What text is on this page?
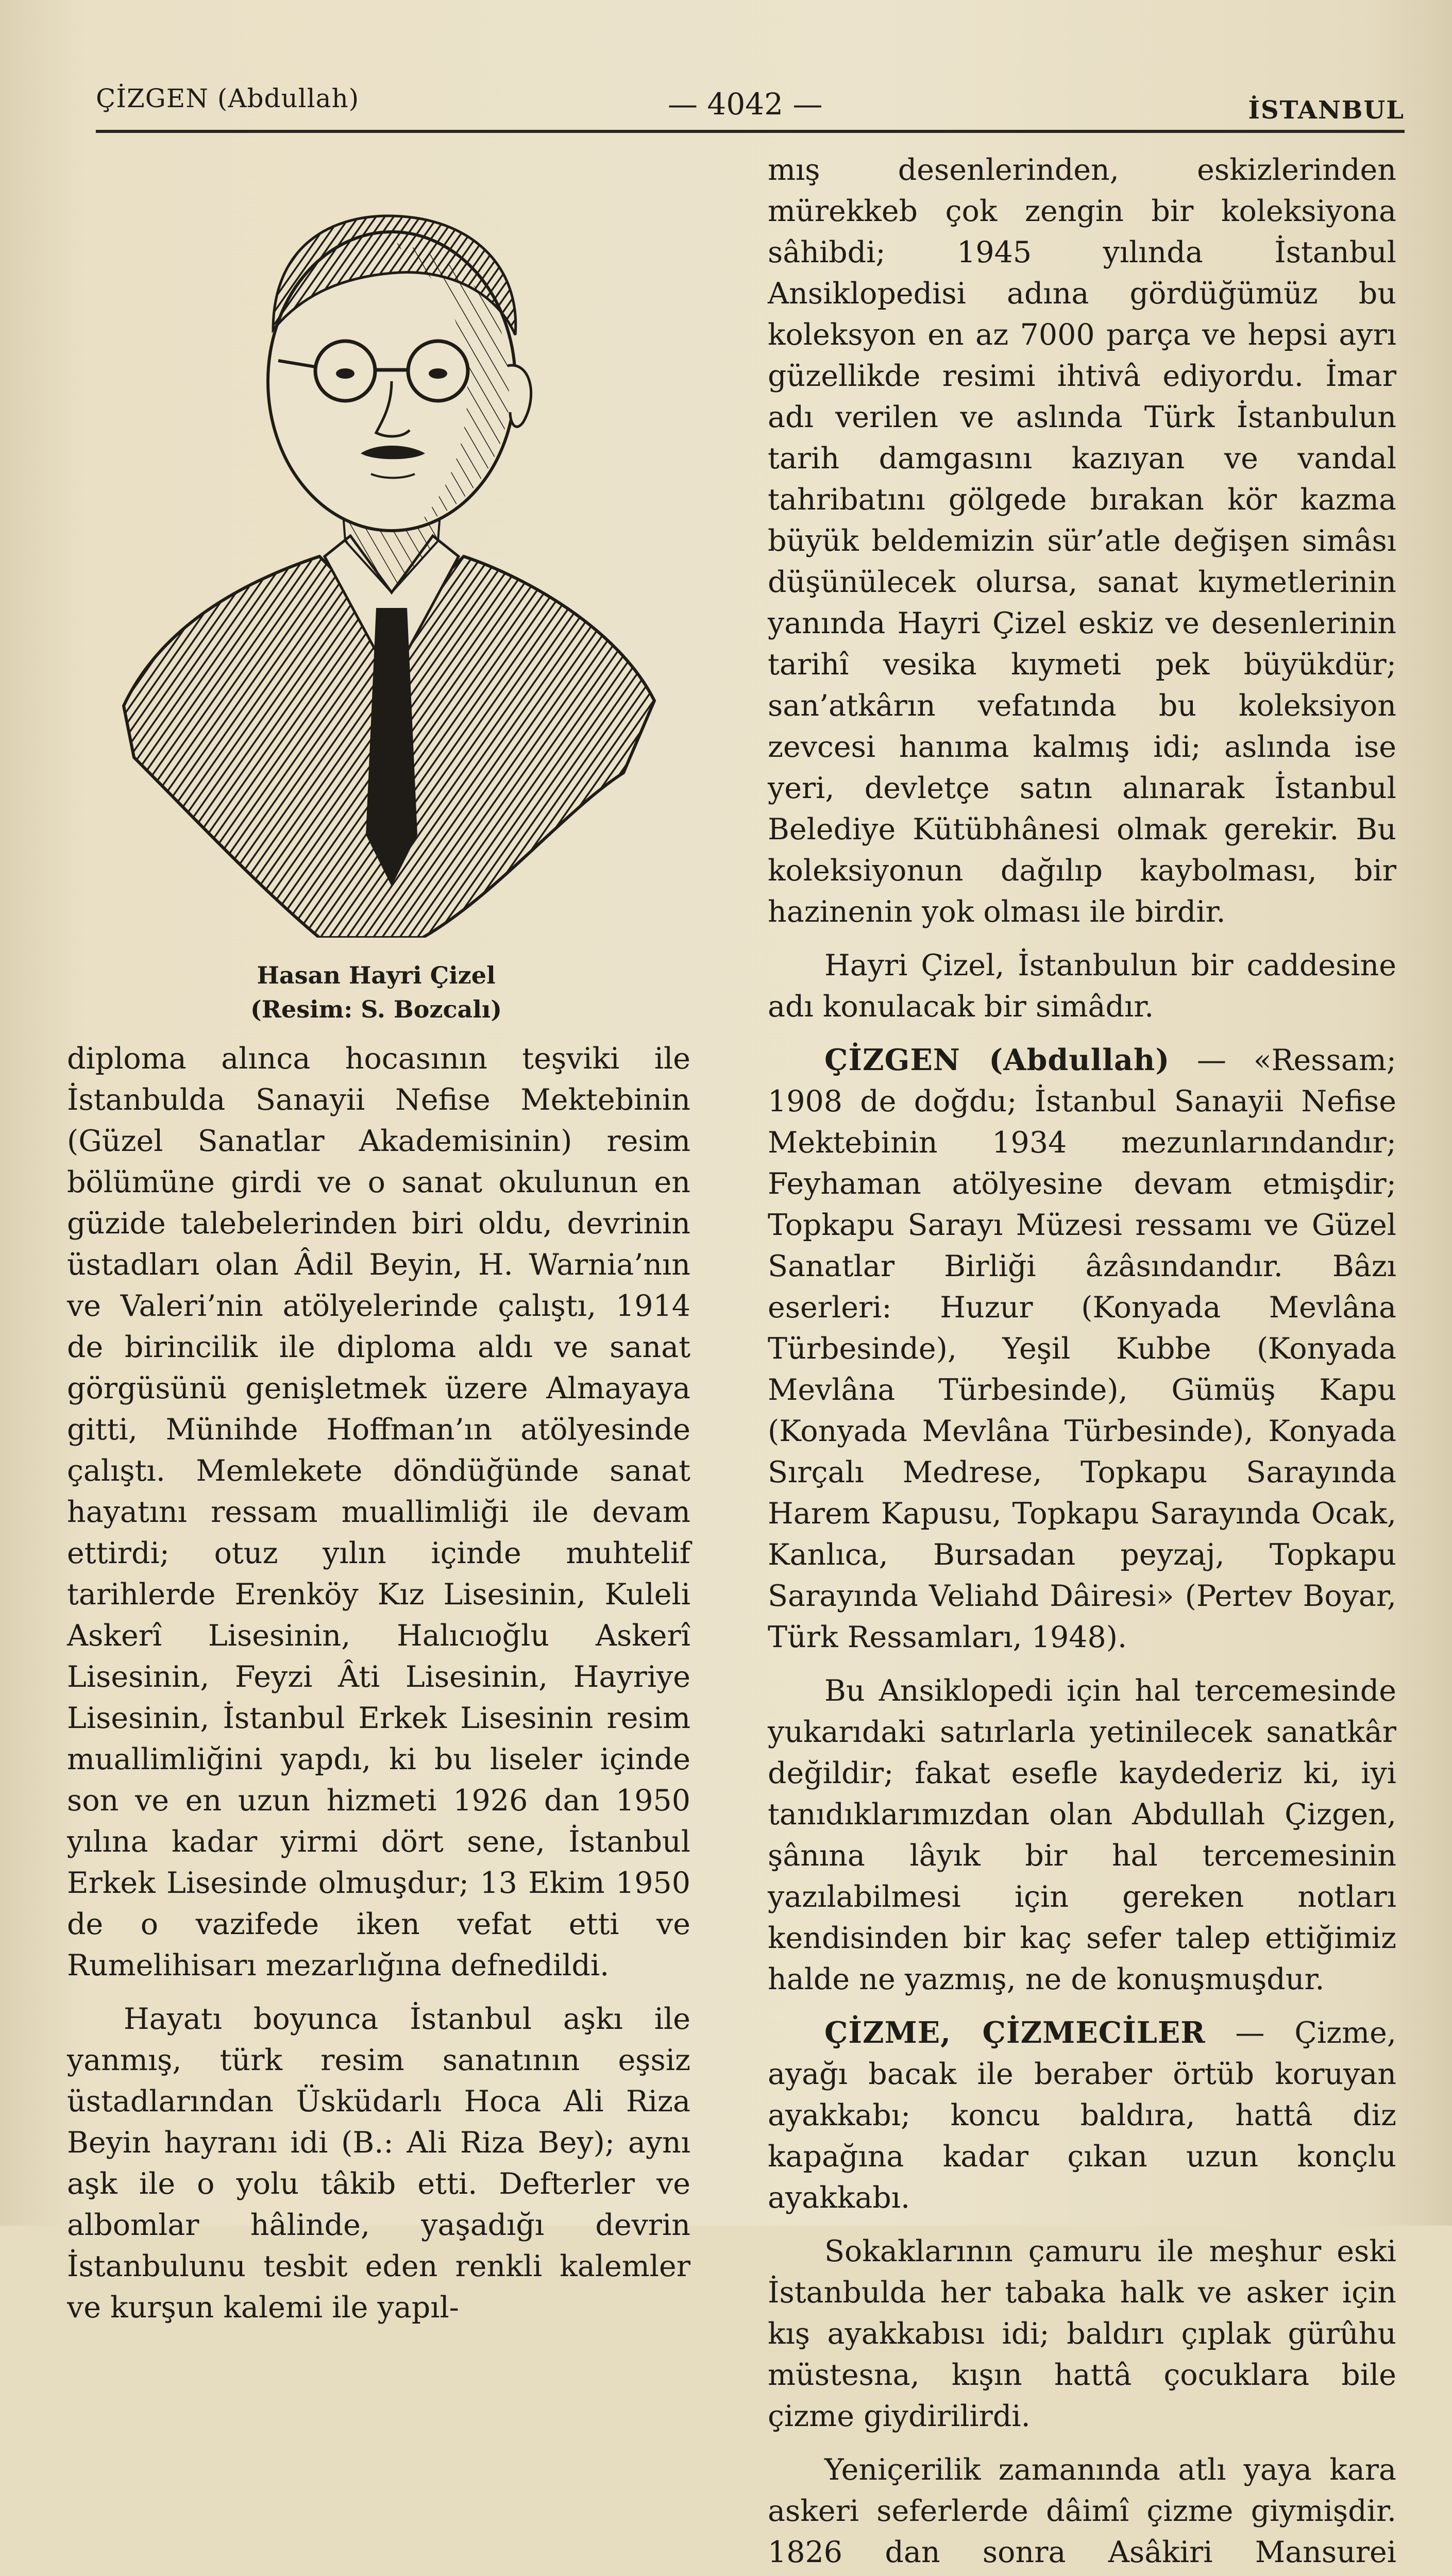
ÇİZGEN (Abdullah)	— 4042 —	İSTANBUL
Hasan Hayri Çizel
(Resim: S. Bozcalı)

diploma alınca hocasının teşviki ile İstanbulda Sanayii Nefise Mektebinin (Güzel Sanatlar Akademisinin) resim bölümüne girdi ve o sanat okulunun en güzide talebelerinden biri oldu, devrinin üstadları olan Âdil Beyin, H. Warnia’nın ve Valeri’nin atölyelerinde çalıştı, 1914 de birincilik ile diploma aldı ve sanat görgüsünü genişletmek üzere Almayaya gitti, Münihde Hoffman’ın atölyesinde çalıştı. Memlekete döndüğünde sanat hayatını ressam muallimliği ile devam ettirdi; otuz yılın içinde muhtelif tarihlerde Erenköy Kız Lisesinin, Kuleli Askerî Lisesinin, Halıcıoğlu Askerî Lisesinin, Feyzi Âti Lisesinin, Hayriye Lisesinin, İstanbul Erkek Lisesinin resim muallimliğini yapdı, ki bu liseler içinde son ve en uzun hizmeti 1926 dan 1950 yılına kadar yirmi dört sene, İstanbul Erkek Lisesinde olmuşdur; 13 Ekim 1950 de o vazifede iken vefat etti ve Rumelihisarı mezarlığına defnedildi.

Hayatı boyunca İstanbul aşkı ile yanmış, türk resim sanatının eşsiz üstadlarından Üsküdarlı Hoca Ali Riza Beyin hayranı idi (B.: Ali Riza Bey); aynı aşk ile o yolu tâkib etti. Defterler ve albomlar hâlinde, yaşadığı devrin İstanbulunu tesbit eden renkli kalemler ve kurşun kalemi ile yapıl-

mış desenlerinden, eskizlerinden mürekkeb çok zengin bir koleksiyona sâhibdi; 1945 yılında İstanbul Ansiklopedisi adına gördüğümüz bu koleksyon en az 7000 parça ve hepsi ayrı güzellikde resimi ihtivâ ediyordu. İmar adı verilen ve aslında Türk İstanbulun tarih damgasını kazıyan ve vandal tahribatını gölgede bırakan kör kazma büyük beldemizin sür’atle değişen simâsı düşünülecek olursa, sanat kıymetlerinin yanında Hayri Çizel eskiz ve desenlerinin tarihî vesika kıymeti pek büyükdür; san’atkârın vefatında bu koleksiyon zevcesi hanıma kalmış idi; aslında ise yeri, devletçe satın alınarak İstanbul Belediye Kütübhânesi olmak gerekir. Bu koleksiyonun dağılıp kaybolması, bir hazinenin yok olması ile birdir.

Hayri Çizel, İstanbulun bir caddesine adı konulacak bir simâdır.

ÇİZGEN (Abdullah) — «Ressam; 1908 de doğdu; İstanbul Sanayii Nefise Mektebinin 1934 mezunlarındandır; Feyhaman atölyesine devam etmişdir; Topkapu Sarayı Müzesi ressamı ve Güzel Sanatlar Birliği âzâsındandır. Bâzı eserleri: Huzur (Konyada Mevlâna Türbesinde), Yeşil Kubbe (Konyada Mevlâna Türbesinde), Gümüş Kapu (Konyada Mevlâna Türbesinde), Konyada Sırçalı Medrese, Topkapu Sarayında Harem Kapusu, Topkapu Sarayında Ocak, Kanlıca, Bursadan peyzaj, Topkapu Sarayında Veliahd Dâiresi» (Pertev Boyar, Türk Ressamları, 1948).

Bu Ansiklopedi için hal tercemesinde yukarıdaki satırlarla yetinilecek sanatkâr değildir; fakat esefle kaydederiz ki, iyi tanıdıklarımızdan olan Abdullah Çizgen, şânına lâyık bir hal tercemesinin yazılabilmesi için gereken notları kendisinden bir kaç sefer talep ettiğimiz halde ne yazmış, ne de konuşmuşdur.

ÇİZME, ÇİZMECİLER — Çizme, ayağı bacak ile beraber örtüb koruyan ayakkabı; koncu baldıra, hattâ diz kapağına kadar çıkan uzun konçlu ayakkabı.

Sokaklarının çamuru ile meşhur eski İstanbulda her tabaka halk ve asker için kış ayakkabısı idi; baldırı çıplak gürûhu müstesna, kışın hattâ çocuklara bile çizme giydirilirdi.

Yeniçerilik zamanında atlı yaya kara askeri seferlerde dâimî çizme giymişdir. 1826 dan sonra Asâkiri Mansurei
